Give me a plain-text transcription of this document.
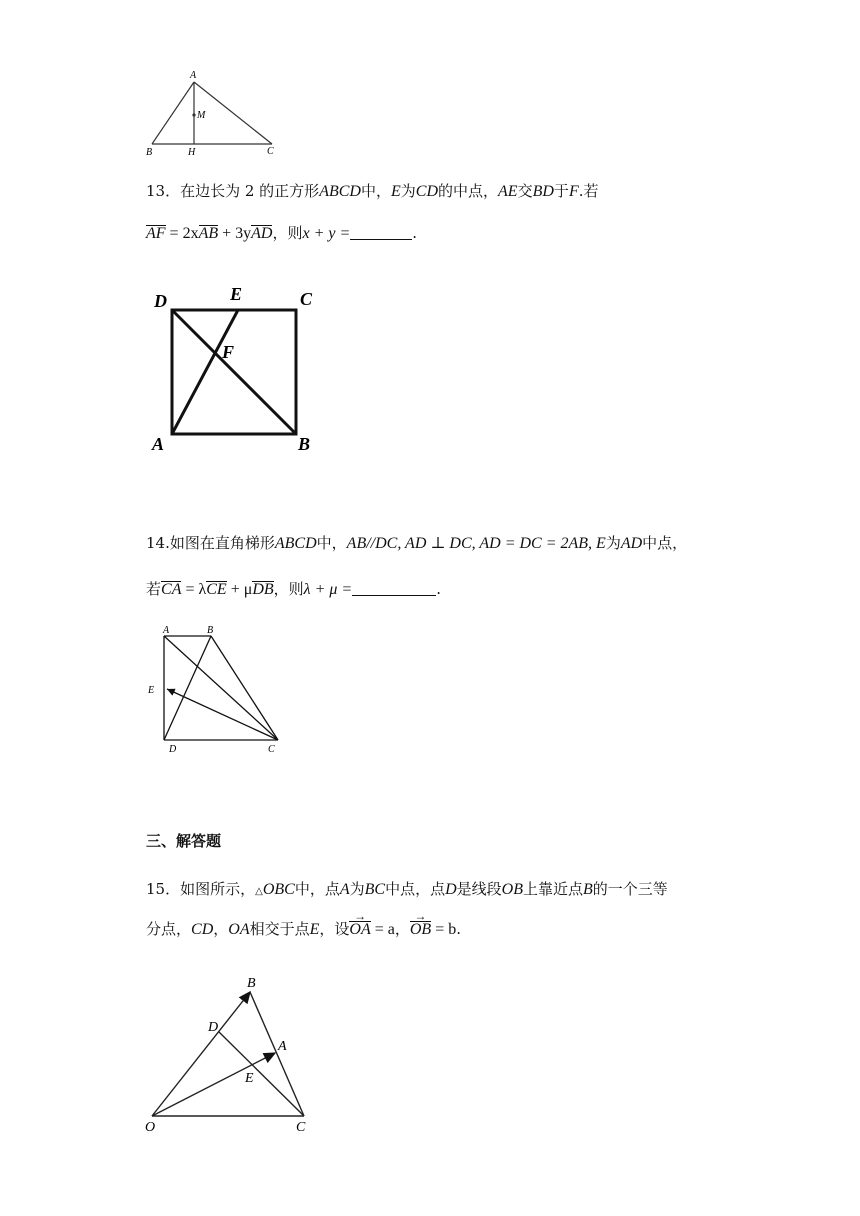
A
M
B	H	C
13．在边长为 2 的正方形ABCD中，E为CD的中点，AE交BD于F.若
AF = 2xAB + 3yAD，则x + y =	.
D	E	C
F
A	B
14.如图在直角梯形ABCD中，AB//DC, AD ⊥ DC, AD = DC = 2AB, E为AD中点，
若CA = λCE + μDB，则λ + μ =	.
A	B
E
D	C
三、解答题
15．如图所示，△OBC中，点A为BC中点，点D是线段OB上靠近点B的一个三等
分点，CD，OA相交于点E，设OA → = a，OB → = b.
B
D
A
E
O	C
